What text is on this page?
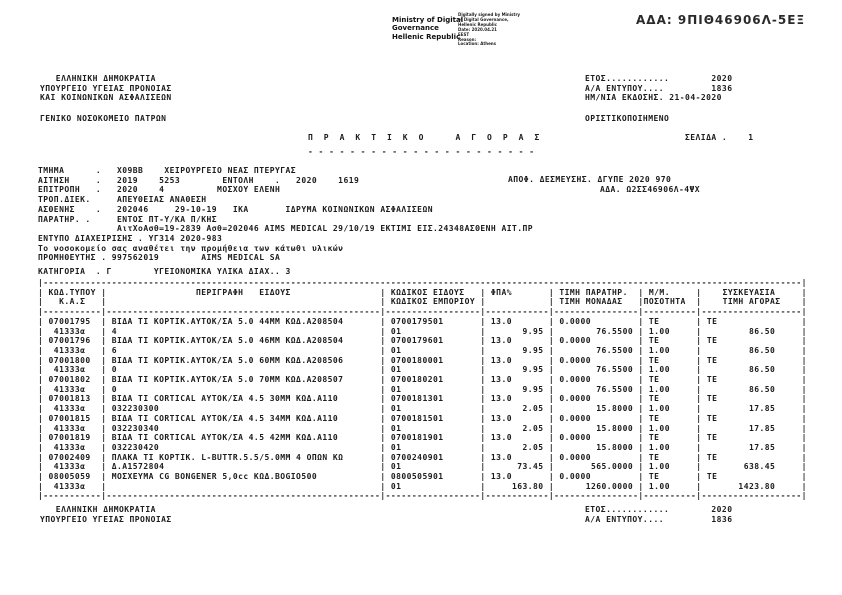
Ministry of Digital
Governance
Hellenic Republic
Digitally signed by Ministry
of Digital Governance,
Hellenic Republic
Date: 2020.04.21
EEST
Reason:
Location: Athens
ΑΔΑ: 9ΠΙΘ46906Λ-5ΕΞ
ΕΛΛΗΝΙΚΗ ΔΗΜΟΚΡΑΤΙΑ
ΥΠΟΥΡΓΕΙΟ ΥΓΕΙΑΣ ΠΡΟΝΟΙΑΣ
ΚΑΙ ΚΟΙΝΩΝΙΚΩΝ ΑΣΦΑΛΙΣΕΩΝ
ΓΕΝΙΚΟ ΝΟΣΟΚΟΜΕΙΟ ΠΑΤΡΩΝ
ΕΤΟΣ............        2020
Α/Α ΕΝΤΥΠΟΥ....         1836
ΗΜ/ΝΙΑ ΕΚΔΟΣΗΣ. 21-04-2020
ΟΡΙΣΤΙΚΟΠΟΙΗΜΕΝΟ
Π  Ρ  Α  Κ  Τ  Ι  Κ  Ο      Α  Γ  Ο  Ρ  Α  Σ
- - - - - - - - - - - - - - - - - - - - - -
ΣΕΛΙΔΑ .    1
ΤΜΗΜΑ      .   Χ09ΒΒ    ΧΕΙΡΟΥΡΓΕΙΟ ΝΕΑΣ ΠΤΕΡΥΓΑΣ
ΑΙΤΗΣΗ     .   2019    5253        ΕΝΤΟΛΗ    .   2020    1619
ΕΠΙΤΡΟΠΗ   .   2020    4          ΜΟΣΧΟΥ ΕΛΕΝΗ
ΤΡΟΠ.ΔΙΕΚ.     ΑΠΕΥΘΕΙΑΣ ΑΝΑΘΕΣΗ
ΑΣΘΕΝΗΣ    .   202046     29-10-19   ΙΚΑ       ΙΔΡΥΜΑ ΚΟΙΝΩΝΙΚΩΝ ΑΣΦΑΛΙΣΕΩΝ
ΠΑΡΑΤΗΡ. .     ΕΝΤΟΣ ΠΤ-Υ/ΚΑ Π/ΚΗΣ
ΑιτΧοΑσθ=19-2839 Ασθ=202046 AIMS MEDICAL 29/10/19 ΕΚΤΙΜΙ ΕΙΣ.24348ΑΣΘΕΝΗ ΑΙΤ.ΠΡ
ΕΝΤΥΠΟ ΔΙΑΧΕΙΡΙΣΗΣ . ΥΓ314 2020-983
Το νοσοκομείο σας αναθέτει την προμήθεια των κάτωθι υλικών
ΠΡΟΜΗΘΕΥΤΗΣ . 997562019        AIMS MEDICAL SA
ΑΠΟΦ. ΔΕΣΜΕΥΣΗΣ. ΔΓΥΠΕ 2020 970
ΑΔΑ. Ω2ΣΣ46906Λ-4ΨΧ
ΚΑΤΗΓΟΡΙΑ  . Γ        ΥΓΕΙΟΝΟΜΙΚΑ ΥΛΙΚΑ ΔΙΑΧ.. 3
|------------------------------------------------------------------------------------------------------------------------------------------------|
| ΚΩΔ.ΤΥΠΟΥ |                 ΠΕΡΙΓΡΑΦΗ   ΕΙΔΟΥΣ                 | ΚΩΔΙΚΟΣ ΕΙΔΟΥΣ   | ΦΠΑ%       | ΤΙΜΗ ΠΑΡΑΤΗΡ.  | Μ/Μ.     |    ΣΥΣΚΕΥΑΣΙΑ     |
|   Κ.Α.Σ   |                                                    | ΚΩΔΙΚΟΣ ΕΜΠΟΡΙΟΥ |            | ΤΙΜΗ ΜΟΝΑΔΑΣ   |ΠΟΣΟΤΗΤΑ  |    ΤΙΜΗ ΑΓΟΡΑΣ    |
|-----------|----------------------------------------------------|------------------|------------|----------------|----------|-------------------|
| 07001795  | ΒΙΔΑ ΤΙ ΚΟΡΤΙΚ.ΑΥΤΟΚ/ΣΑ 5.0 44ΜΜ ΚΩΔ.Α208504       | 0700179501       | 13.0       | 0.0000         | ΤΕ       | ΤΕ                |
|  41333α   | 4                                                  | 01               |       9.95 |        76.5500 | 1.00     |         86.50     |
| 07001796  | ΒΙΔΑ ΤΙ ΚΟΡΤΙΚ.ΑΥΤΟΚ/ΣΑ 5.0 46ΜΜ ΚΩΔ.Α208504       | 0700179601       | 13.0       | 0.0000         | ΤΕ       | ΤΕ                |
|  41333α   | 6                                                  | 01               |       9.95 |        76.5500 | 1.00     |         86.50     |
| 07001800  | ΒΙΔΑ ΤΙ ΚΟΡΤΙΚ.ΑΥΤΟΚ/ΣΑ 5.0 60ΜΜ ΚΩΔ.Α208506       | 0700180001       | 13.0       | 0.0000         | ΤΕ       | ΤΕ                |
|  41333α   | 0                                                  | 01               |       9.95 |        76.5500 | 1.00     |         86.50     |
| 07001802  | ΒΙΔΑ ΤΙ ΚΟΡΤΙΚ.ΑΥΤΟΚ/ΣΑ 5.0 70ΜΜ ΚΩΔ.Α208507       | 0700180201       | 13.0       | 0.0000         | ΤΕ       | ΤΕ                |
|  41333α   | 0                                                  | 01               |       9.95 |        76.5500 | 1.00     |         86.50     |
| 07001813  | ΒΙΔΑ ΤΙ CORTICAL ΑΥΤΟΚ/ΣΑ 4.5 30ΜΜ ΚΩΔ.Α110        | 0700181301       | 13.0       | 0.0000         | ΤΕ       | ΤΕ                |
|  41333α   | 032230300                                          | 01               |       2.05 |        15.8000 | 1.00     |         17.85     |
| 07001815  | ΒΙΔΑ ΤΙ CORTICAL ΑΥΤΟΚ/ΣΑ 4.5 34ΜΜ ΚΩΔ.Α110        | 0700181501       | 13.0       | 0.0000         | ΤΕ       | ΤΕ                |
|  41333α   | 032230340                                          | 01               |       2.05 |        15.8000 | 1.00     |         17.85     |
| 07001819  | ΒΙΔΑ ΤΙ CORTICAL ΑΥΤΟΚ/ΣΑ 4.5 42ΜΜ ΚΩΔ.Α110        | 0700181901       | 13.0       | 0.0000         | ΤΕ       | ΤΕ                |
|  41333α   | 032230420                                          | 01               |       2.05 |        15.8000 | 1.00     |         17.85     |
| 07002409  | ΠΛΑΚΑ ΤΙ ΚΟΡΤΙΚ. L-BUTTR.5.5/5.0ΜΜ 4 ΟΠΩΝ ΚΩ       | 0700240901       | 13.0       | 0.0000         | ΤΕ       | ΤΕ                |
|  41333α   | Δ.Α1572804                                         | 01               |      73.45 |       565.0000 | 1.00     |        638.45     |
| 08005059  | ΜΟΣΧΕΥΜΑ CG BONGENER 5,0cc ΚΩΔ.ΒΟGΙΟ500            | 0800505901       | 13.0       | 0.0000         | ΤΕ       | ΤΕ                |
|  41333α   |                                                    | 01               |     163.80 |      1260.0000 | 1.00     |       1423.80     |
|-----------|----------------------------------------------------|------------------|------------|----------------|----------|-------------------|
ΕΛΛΗΝΙΚΗ ΔΗΜΟΚΡΑΤΙΑ
ΥΠΟΥΡΓΕΙΟ ΥΓΕΙΑΣ ΠΡΟΝΟΙΑΣ
ΕΤΟΣ............        2020
Α/Α ΕΝΤΥΠΟΥ....         1836
